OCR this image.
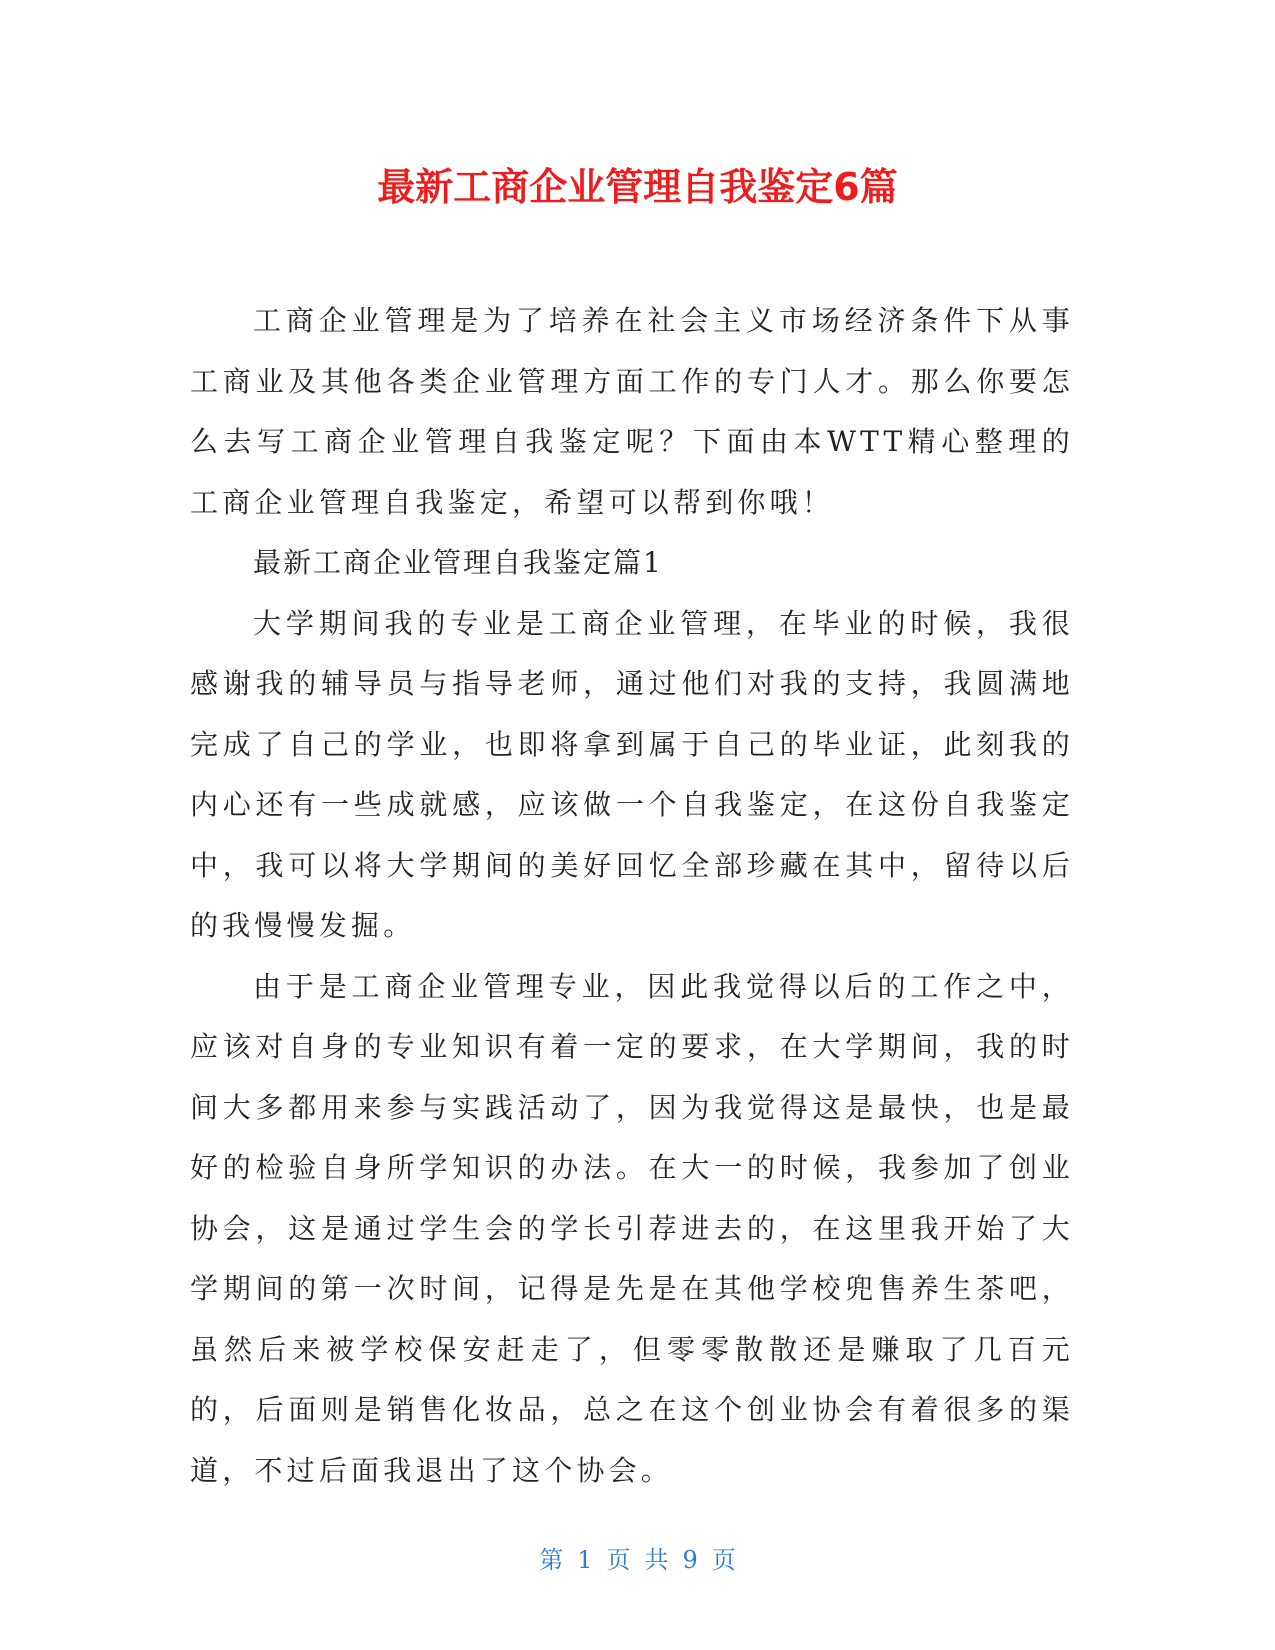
最新工商企业管理自我鉴定6篇

工商企业管理是为了培养在社会主义市场经济条件下从事工商业及其他各类企业管理方面工作的专门人才。那么你要怎么去写工商企业管理自我鉴定呢？下面由本WTT精心整理的工商企业管理自我鉴定，希望可以帮到你哦！

最新工商企业管理自我鉴定篇1

大学期间我的专业是工商企业管理，在毕业的时候，我很感谢我的辅导员与指导老师，通过他们对我的支持，我圆满地完成了自己的学业，也即将拿到属于自己的毕业证，此刻我的内心还有一些成就感，应该做一个自我鉴定，在这份自我鉴定中，我可以将大学期间的美好回忆全部珍藏在其中，留待以后的我慢慢发掘。

由于是工商企业管理专业，因此我觉得以后的工作之中，应该对自身的专业知识有着一定的要求，在大学期间，我的时间大多都用来参与实践活动了，因为我觉得这是最快，也是最好的检验自身所学知识的办法。在大一的时候，我参加了创业协会，这是通过学生会的学长引荐进去的，在这里我开始了大学期间的第一次时间，记得是先是在其他学校兜售养生茶吧，虽然后来被学校保安赶走了，但零零散散还是赚取了几百元的，后面则是销售化妆品，总之在这个创业协会有着很多的渠道，不过后面我退出了这个协会。

第 1 页 共 9 页
